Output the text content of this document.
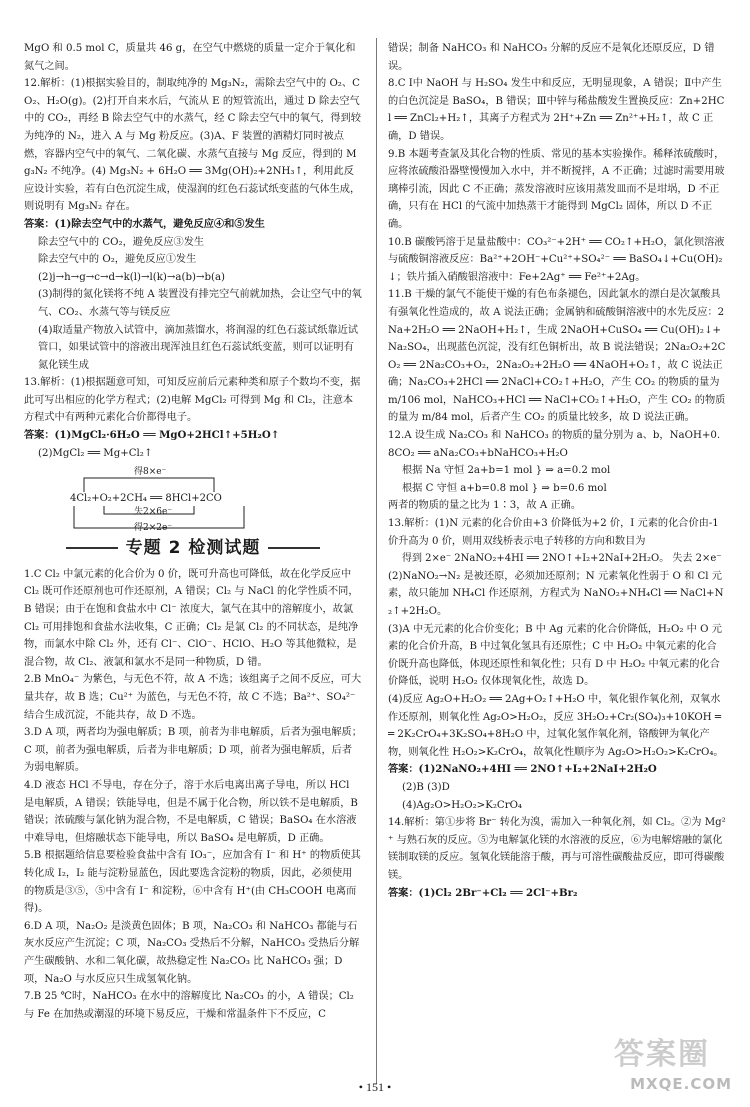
MgO 和 0.5 mol C，质量共 46 g，在空气中燃烧的质量一定介于氧化和氮气之间。

12.解析：(1)根据实验目的，制取纯净的 Mg₃N₂，需除去空气中的 O₂、CO₂、H₂O(g)。(2)打开自来水后，气流从 E 的短管流出，通过 D 除去空气中的 CO₂，再经 B 除去空气中的水蒸气，经 C 除去空气中的氧气，得到较为纯净的 N₂，进入 A 与 Mg 粉反应。(3)A、F 装置的酒精灯同时被点燃，容器内空气中的氧气、二氧化碳、水蒸气直接与 Mg 反应，得到的 Mg₃N₂ 不纯净。(4) Mg₃N₂ + 6H₂O ══ 3Mg(OH)₂+2NH₃↑，利用此反应设计实验，若有白色沉淀生成，使湿润的红色石蕊试纸变蓝的气体生成，则说明有 Mg₃N₂ 存在。

答案：(1)除去空气中的水蒸气，避免反应④和⑤发生

除去空气中的 CO₂，避免反应③发生

除去空气中的 O₂，避免反应①发生

(2)j→h→g→c→d→k(l)→l(k)→a(b)→b(a)

(3)制得的氮化镁将不纯 A 装置没有排完空气前就加热，会让空气中的氧气、CO₂、水蒸气等与镁反应

(4)取适量产物放入试管中，滴加蒸馏水，将润湿的红色石蕊试纸靠近试管口，如果试管中的溶液出现浑浊且红色石蕊试纸变蓝，则可以证明有氮化镁生成

13.解析：(1)根据题意可知，可知反应前后元素种类和原子个数均不变，据此可写出相应的化学方程式；(2)电解 MgCl₂ 可得到 Mg 和 Cl₂，注意本方程式中有两种元素化合价都得电子。

答案：(1)MgCl₂·6H₂O ══ MgO+2HCl↑+5H₂O↑

(2)MgCl₂ ══ Mg+Cl₂↑

得8×e⁻
4Cl₂+O₂+2CH₄ ══ 8HCl+2CO
失2×6e⁻
得2×2e⁻
专题 2 检测试题

1.C Cl₂ 中氯元素的化合价为 0 价，既可升高也可降低，故在化学反应中 Cl₂ 既可作还原剂也可作还原剂，A 错误；Cl₂ 与 NaCl 的化学性质不同，B 错误；由于在饱和食盐水中 Cl⁻ 浓度大，氯气在其中的溶解度小，故氯 Cl₂ 可用排饱和食盐水法收集，C 正确；Cl₂ 是氯 Cl₂ 的不同状态，是纯净物，而氯水中除 Cl₂ 外，还有 Cl⁻、ClO⁻、HClO、H₂O 等其他微粒，是混合物，故 Cl₂、液氯和氯水不是同一种物质，D 错。

2.B MnO₄⁻ 为紫色，与无色不符，故 A 不选；该组离子之间不反应，可大量共存，故 B 选；Cu²⁺ 为蓝色，与无色不符，故 C 不选；Ba²⁺、SO₄²⁻ 结合生成沉淀，不能共存，故 D 不选。

3.D A 项，两者均为强电解质；B 项，前者为非电解质，后者为强电解质；C 项，前者为强电解质，后者为非电解质；D 项，前者为强电解质，后者为弱电解质。

4.D 液态 HCl 不导电，存在分子，溶于水后电离出离子导电，所以 HCl 是电解质，A 错误；铁能导电，但是不属于化合物，所以铁不是电解质，B 错误；浓硫酸与氯化钠为混合物，不是电解质，C 错误；BaSO₄ 在水溶液中难导电，但熔融状态下能导电，所以 BaSO₄ 是电解质，D 正确。

5.B 根据题给信息要检验食盐中含有 IO₃⁻，应加含有 I⁻ 和 H⁺ 的物质使其转化成 I₂，I₂ 能与淀粉显蓝色，因此要选含淀粉的物质，因此，必须使用的物质是③⑤，⑤中含有 I⁻ 和淀粉，⑥中含有 H⁺(由 CH₃COOH 电离而得)。

6.D A 项，Na₂O₂ 是淡黄色固体；B 项，Na₂CO₃ 和 NaHCO₃ 都能与石灰水反应产生沉淀；C 项，Na₂CO₃ 受热后不分解，NaHCO₃ 受热后分解产生碳酸钠、水和二氧化碳，故热稳定性 Na₂CO₃ 比 NaHCO₃ 强；D 项，Na₂O 与水反应只生成氢氧化钠。

7.B 25 ℃时，NaHCO₃ 在水中的溶解度比 Na₂CO₃ 的小，A 错误；Cl₂ 与 Fe 在加热或潮湿的环境下易反应，干燥和常温条件下不反应，C

错误；制备 NaHCO₃ 和 NaHCO₃ 分解的反应不是氧化还原反应，D 错误。

8.C Ⅰ中 NaOH 与 H₂SO₄ 发生中和反应，无明显现象，A 错误；Ⅱ中产生的白色沉淀是 BaSO₄，B 错误；Ⅲ中锌与稀盐酸发生置换反应：Zn+2HCl ══ ZnCl₂+H₂↑，其离子方程式为 2H⁺+Zn ══ Zn²⁺+H₂↑，故 C 正确，D 错误。

9.B 本题考查氯及其化合物的性质、常见的基本实验操作。稀释浓硫酸时，应将浓硫酸沿器壁慢慢加入水中，并不断搅拌，A 不正确；过滤时需要用玻璃棒引流，因此 C 不正确；蒸发溶液时应该用蒸发皿而不是坩埚，D 不正确，只有在 HCl 的气流中加热蒸干才能得到 MgCl₂ 固体，所以 D 不正确。

10.B 碳酸钙溶于足量盐酸中：CO₃²⁻+2H⁺ ══ CO₂↑+H₂O，氯化钡溶液与硫酸铜溶液反应：Ba²⁺+2OH⁻+Cu²⁺+SO₄²⁻ ══ BaSO₄↓+Cu(OH)₂↓；铁片插入硝酸银溶液中：Fe+2Ag⁺ ══ Fe²⁺+2Ag。

11.B 干燥的氯气不能使干燥的有色布条褪色，因此氯水的漂白是次氯酸具有强氧化性造成的，故 A 说法正确；金属钠和硫酸铜溶液中的水先反应：2Na+2H₂O ══ 2NaOH+H₂↑，生成 2NaOH+CuSO₄ ══ Cu(OH)₂↓+Na₂SO₄，出现蓝色沉淀，没有红色铜析出，故 B 说法错误；2Na₂O₂+2CO₂ ══ 2Na₂CO₃+O₂，2Na₂O₂+2H₂O ══ 4NaOH+O₂↑，故 C 说法正确；Na₂CO₃+2HCl ══ 2NaCl+CO₂↑+H₂O，产生 CO₂ 的物质的量为 m/106 mol，NaHCO₃+HCl ══ NaCl+CO₂↑+H₂O，产生 CO₂ 的物质的量为 m/84 mol，后者产生 CO₂ 的质量比较多，故 D 说法正确。

12.A 设生成 Na₂CO₃ 和 NaHCO₃ 的物质的量分别为 a、b，NaOH+0.8CO₂ ══ aNa₂CO₃+bNaHCO₃+H₂O

根据 Na 守恒 2a+b=1 mol } ⇒ a=0.2 mol

根据 C 守恒 a+b=0.8 mol } ⇒ b=0.6 mol

两者的物质的量之比为 1∶3，故 A 正确。

13.解析：(1)N 元素的化合价由+3 价降低为+2 价，I 元素的化合价由-1 价升高为 0 价，则用双线桥表示电子转移的方向和数目为

得到 2×e⁻ 2NaNO₂+4HI ══ 2NO↑+I₂+2NaI+2H₂O。 失去 2×e⁻

(2)NaNO₂→N₂ 是被还原，必须加还原剂；N 元素氧化性弱于 O 和 Cl 元素，故只能加 NH₄Cl 作还原剂，方程式为 NaNO₂+NH₄Cl ══ NaCl+N₂↑+2H₂O。

(3)A 中无元素的化合价变化；B 中 Ag 元素的化合价降低，H₂O₂ 中 O 元素的化合价升高，B 中过氧化氢具有还原性；C 中 H₂O₂ 中氧元素的化合价既升高也降低，体现还原性和氧化性；只有 D 中 H₂O₂ 中氧元素的化合价降低，说明 H₂O₂ 仅体现氧化性，故选 D。

(4)反应 Ag₂O+H₂O₂ ══ 2Ag+O₂↑+H₂O 中，氧化银作氧化剂，双氧水作还原剂，则氧化性 Ag₂O>H₂O₂，反应 3H₂O₂+Cr₂(SO₄)₃+10KOH ══ 2K₂CrO₄+3K₂SO₄+8H₂O 中，过氧化氢作氧化剂，铬酸钾为氧化产物，则氧化性 H₂O₂>K₂CrO₄，故氧化性顺序为 Ag₂O>H₂O₂>K₂CrO₄。

答案：(1)2NaNO₂+4HI ══ 2NO↑+I₂+2NaI+2H₂O

(2)B (3)D

(4)Ag₂O>H₂O₂>K₂CrO₄

14.解析：第①步将 Br⁻ 转化为溴，需加入一种氧化剂，如 Cl₂。②为 Mg²⁺ 与熟石灰的反应。⑤为电解氯化镁的水溶液的反应，⑥为电解熔融的氯化镁制取镁的反应。氢氧化镁能溶于酸，再与可溶性碳酸盐反应，即可得碳酸镁。

答案：(1)Cl₂ 2Br⁻+Cl₂ ══ 2Cl⁻+Br₂

• 151 •
答案圈
MXQE.COM
